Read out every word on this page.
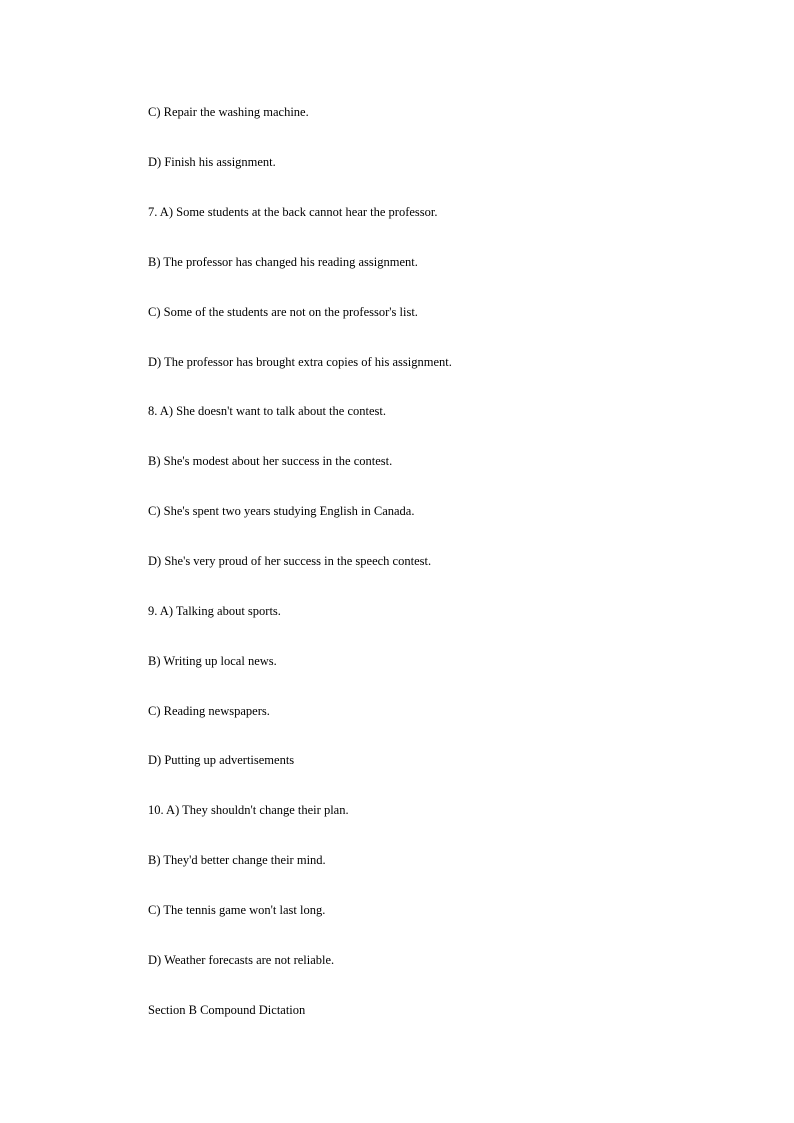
C) Repair the washing machine.
D) Finish his assignment.
7. A) Some students at the back cannot hear the professor.
B) The professor has changed his reading assignment.
C) Some of the students are not on the professor's list.
D) The professor has brought extra copies of his assignment.
8. A) She doesn't want to talk about the contest.
B) She's modest about her success in the contest.
C) She's spent two years studying English in Canada.
D) She's very proud of her success in the speech contest.
9. A) Talking about sports.
B) Writing up local news.
C) Reading newspapers.
D) Putting up advertisements
10. A) They shouldn't change their plan.
B) They'd better change their mind.
C) The tennis game won't last long.
D) Weather forecasts are not reliable.
Section B Compound Dictation
